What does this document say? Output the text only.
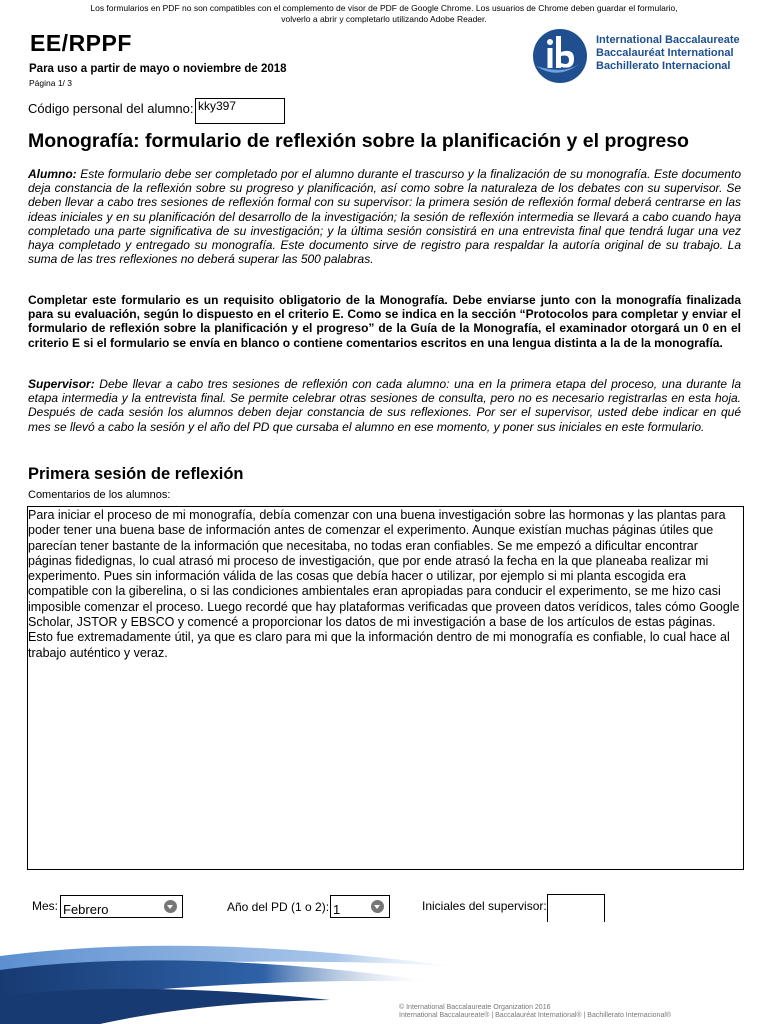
Los formularios en PDF no son compatibles con el complemento de visor de PDF de Google Chrome. Los usuarios de Chrome deben guardar el formulario,
volverlo a abrir y completarlo utilizando Adobe Reader.
EE/RPPF	International Baccalaureate
Baccalauréat International
Bachillerato Internacional
Para uso a partir de mayo o noviembre de 2018
Página 1/ 3
Código personal del alumno: kky397
Monografía: formulario de reflexión sobre la planificación y el progreso
Alumno: Este formulario debe ser completado por el alumno durante el trascurso y la finalización de su monografía. Este documento deja constancia de la reflexión sobre su progreso y planificación, así como sobre la naturaleza de los debates con su supervisor. Se deben llevar a cabo tres sesiones de reflexión formal con su supervisor: la primera sesión de reflexión formal deberá centrarse en las ideas iniciales y en su planificación del desarrollo de la investigación; la sesión de reflexión intermedia se llevará a cabo cuando haya completado una parte significativa de su investigación; y la última sesión consistirá en una entrevista final que tendrá lugar una vez haya completado y entregado su monografía. Este documento sirve de registro para respaldar la autoría original de su trabajo. La suma de las tres reflexiones no deberá superar las 500 palabras.
Completar este formulario es un requisito obligatorio de la Monografía. Debe enviarse junto con la monografía finalizada para su evaluación, según lo dispuesto en el criterio E. Como se indica en la sección “Protocolos para completar y enviar el formulario de reflexión sobre la planificación y el progreso” de la Guía de la Monografía, el examinador otorgará un 0 en el criterio E si el formulario se envía en blanco o contiene comentarios escritos en una lengua distinta a la de la monografía.
Supervisor: Debe llevar a cabo tres sesiones de reflexión con cada alumno: una en la primera etapa del proceso, una durante la etapa intermedia y la entrevista final. Se permite celebrar otras sesiones de consulta, pero no es necesario registrarlas en esta hoja. Después de cada sesión los alumnos deben dejar constancia de sus reflexiones. Por ser el supervisor, usted debe indicar en qué mes se llevó a cabo la sesión y el año del PD que cursaba el alumno en ese momento, y poner sus iniciales en este formulario.
Primera sesión de reflexión
Comentarios de los alumnos:
Para iniciar el proceso de mi monografía, debía comenzar con una buena investigación sobre las hormonas y las plantas para poder tener una buena base de información antes de comenzar el experimento. Aunque existían muchas páginas útiles que parecían tener bastante de la información que necesitaba, no todas eran confiables. Se me empezó a dificultar encontrar páginas fidedignas, lo cual atrasó mi proceso de investigación, que por ende atrasó la fecha en la que planeaba realizar mi experimento. Pues sin información válida de las cosas que debía hacer o utilizar, por ejemplo si mi planta escogida era compatible con la giberelina, o si las condiciones ambientales eran apropiadas para conducir el experimento, se me hizo casi imposible comenzar el proceso. Luego recordé que hay plataformas verificadas que proveen datos verídicos, tales cómo Google Scholar, JSTOR y EBSCO y comencé a proporcionar los datos de mi investigación a base de los artículos de estas páginas. Esto fue extremadamente útil, ya que es claro para mi que la información dentro de mi monografía es confiable, lo cual hace al trabajo auténtico y veraz.
Mes: Febrero	Año del PD (1 o 2): 1	Iniciales del supervisor:
© International Baccalaureate Organization 2016
International Baccalaureate® | Baccalauréat International® | Bachillerato Internacional®
